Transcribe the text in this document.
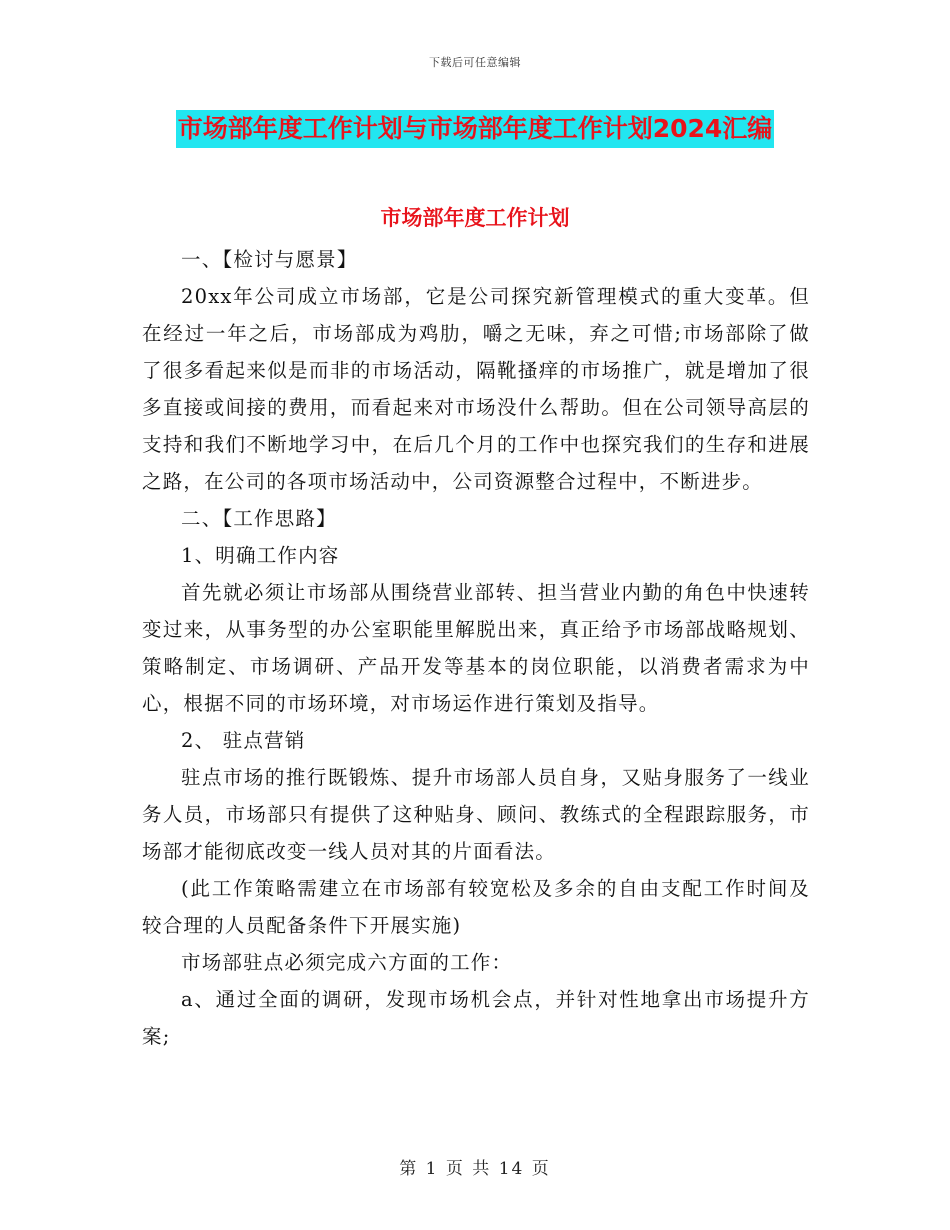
下载后可任意编辑
市场部年度工作计划与市场部年度工作计划2024汇编
市场部年度工作计划

一、【检讨与愿景】

20xx年公司成立市场部，它是公司探究新管理模式的重大变革。但在经过一年之后，市场部成为鸡肋，嚼之无味，弃之可惜;市场部除了做了很多看起来似是而非的市场活动，隔靴搔痒的市场推广，就是增加了很多直接或间接的费用，而看起来对市场没什么帮助。但在公司领导高层的支持和我们不断地学习中，在后几个月的工作中也探究我们的生存和进展之路，在公司的各项市场活动中，公司资源整合过程中，不断进步。

二、【工作思路】

1、明确工作内容

首先就必须让市场部从围绕营业部转、担当营业内勤的角色中快速转变过来，从事务型的办公室职能里解脱出来，真正给予市场部战略规划、策略制定、市场调研、产品开发等基本的岗位职能，以消费者需求为中心，根据不同的市场环境，对市场运作进行策划及指导。

2、 驻点营销

驻点市场的推行既锻炼、提升市场部人员自身，又贴身服务了一线业务人员，市场部只有提供了这种贴身、顾问、教练式的全程跟踪服务，市场部才能彻底改变一线人员对其的片面看法。

(此工作策略需建立在市场部有较宽松及多余的自由支配工作时间及较合理的人员配备条件下开展实施)

市场部驻点必须完成六方面的工作：

a、通过全面的调研，发现市场机会点，并针对性地拿出市场提升方案;

第 1 页 共 14 页
